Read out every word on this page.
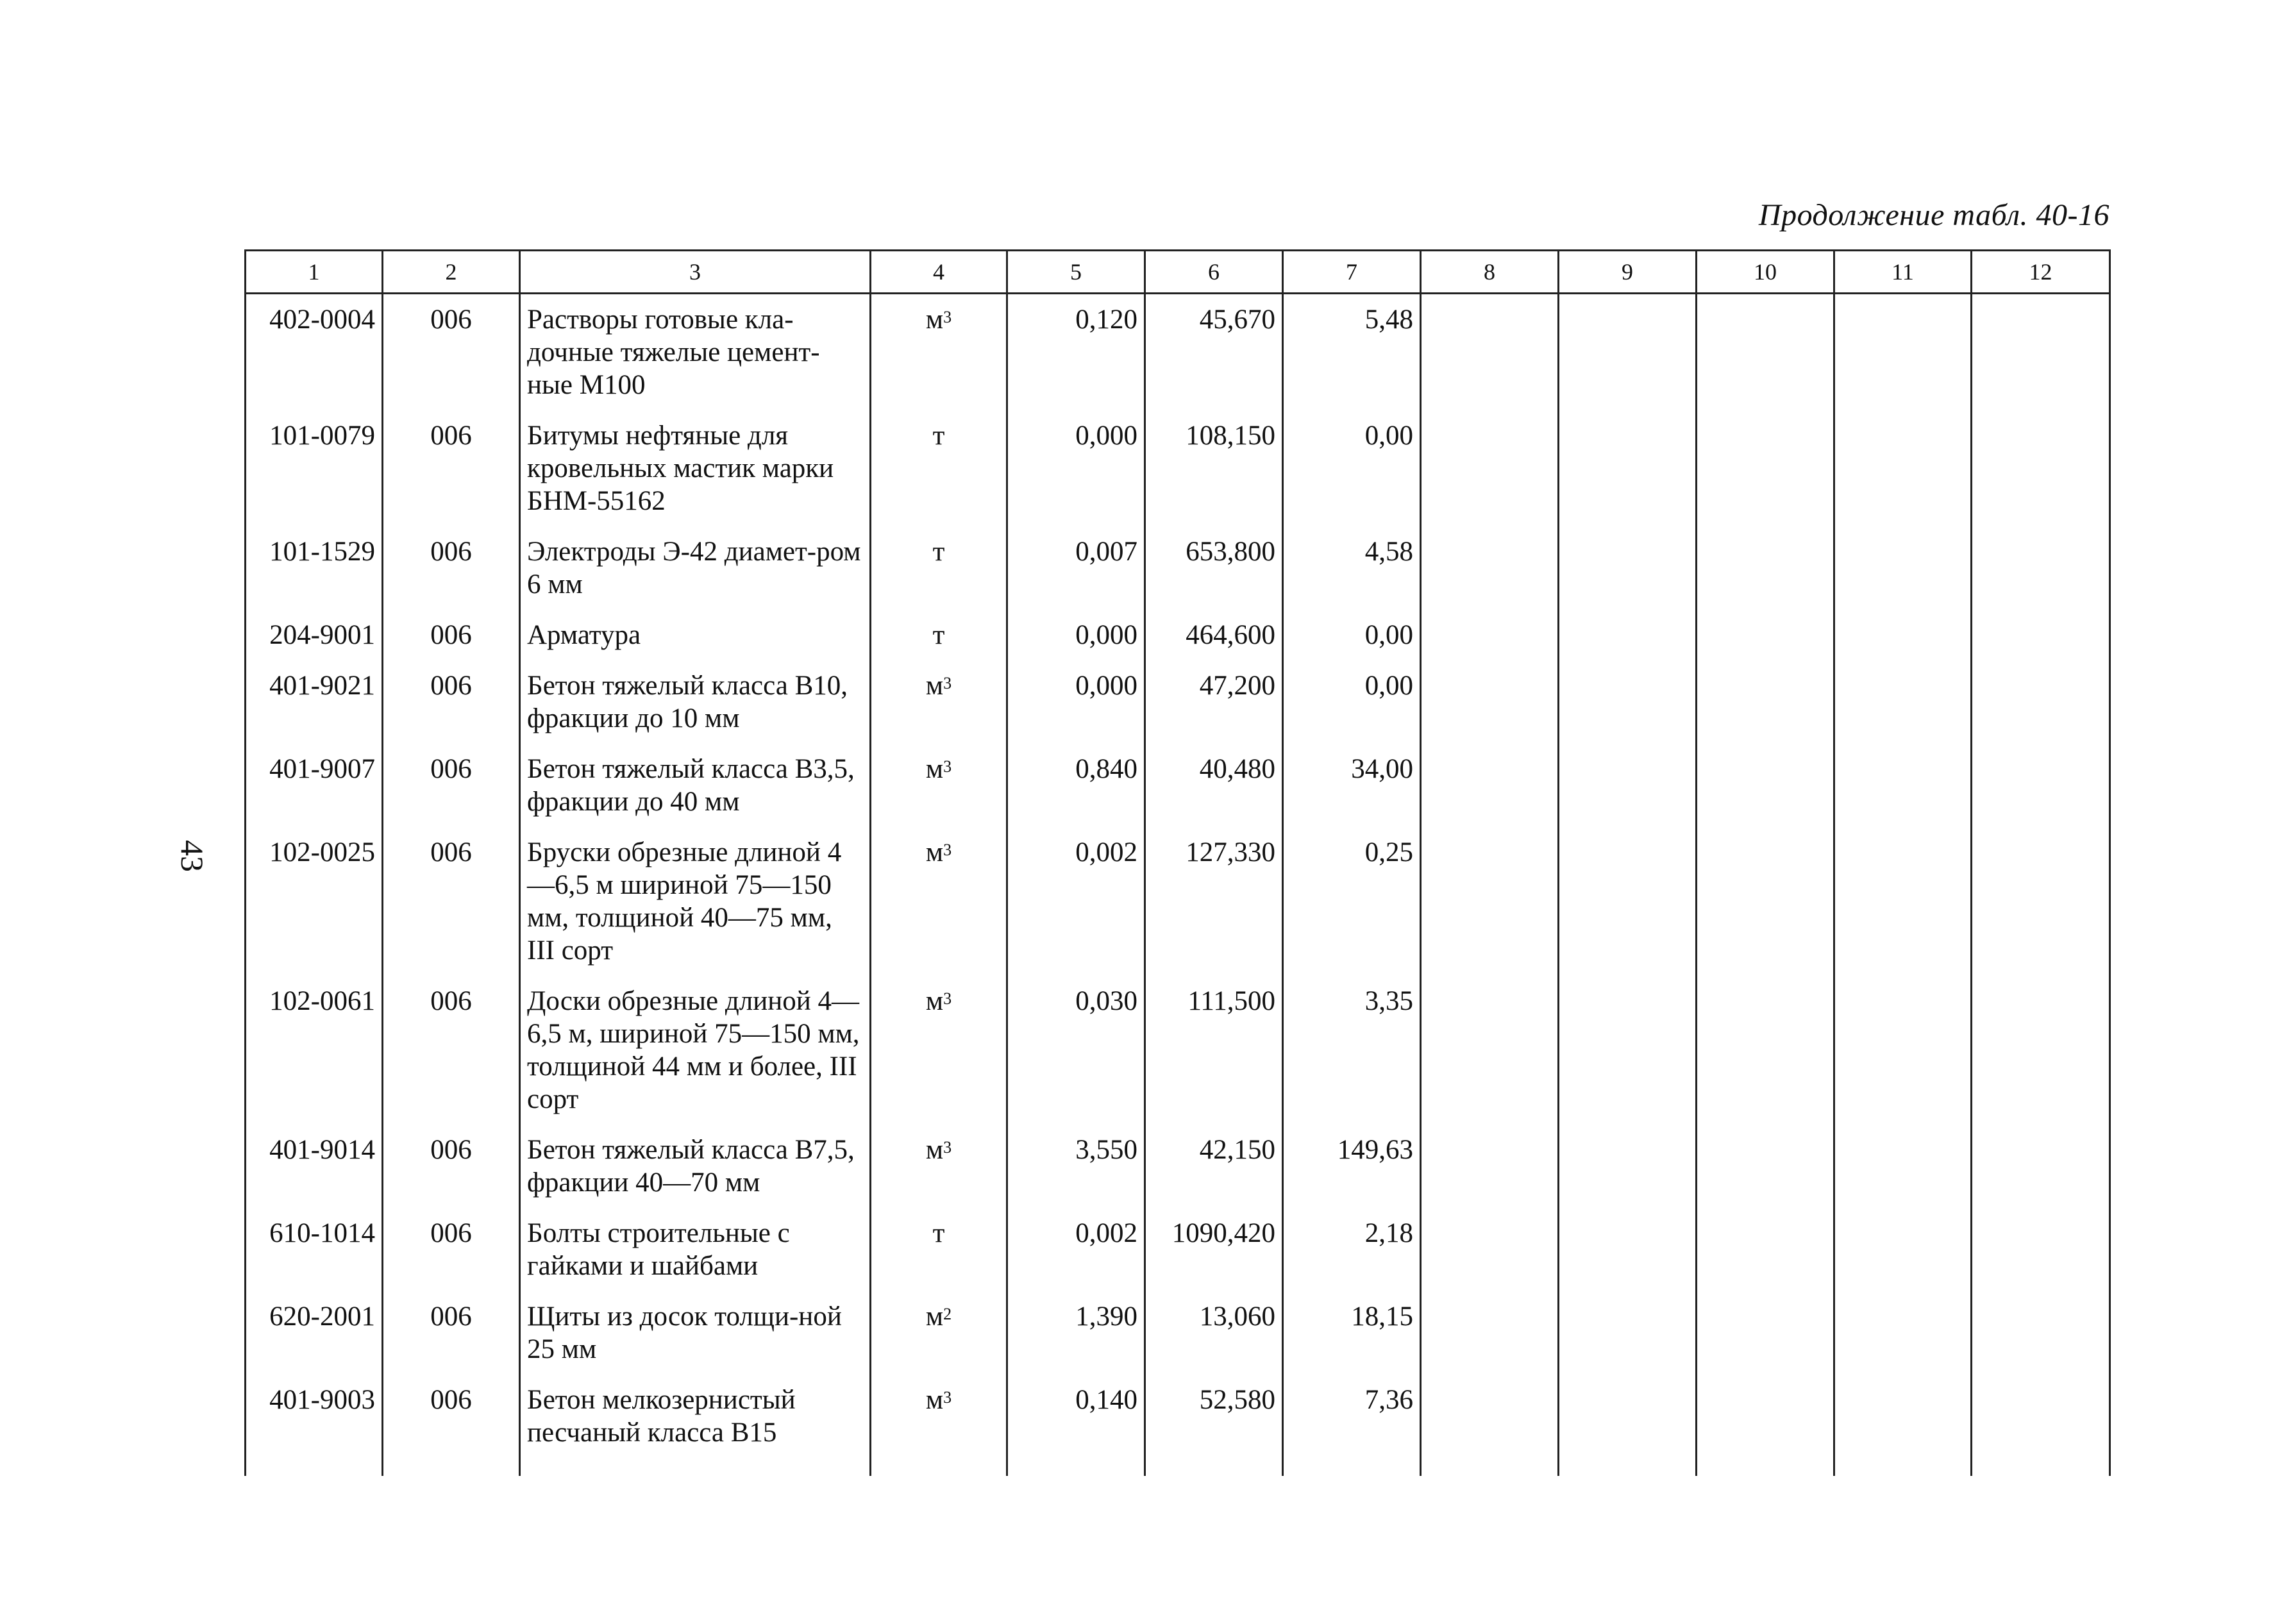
Продолжение табл. 40-16
43
1	2	3	4	5	6	7	8	9	10	11	12
402-0004	006	Растворы готовые кла-дочные тяжелые цемент-ные М100	$м^3$	0,120	45,670	5,48					
101-0079	006	Битумы нефтяные для кровельных мастик марки БНМ-55162	т	0,000	108,150	0,00					
101-1529	006	Электроды Э-42 диамет-ром 6 мм	т	0,007	653,800	4,58					
204-9001	006	Арматура	т	0,000	464,600	0,00					
401-9021	006	Бетон тяжелый класса В10, фракции до 10 мм	$м^3$	0,000	47,200	0,00					
401-9007	006	Бетон тяжелый класса В3,5, фракции до 40 мм	$м^3$	0,840	40,480	34,00					
102-0025	006	Бруски обрезные длиной 4—6,5 м шириной 75—150 мм, толщиной 40—75 мм, III сорт	$м^3$	0,002	127,330	0,25					
102-0061	006	Доски обрезные длиной 4—6,5 м, шириной 75—150 мм, толщиной 44 мм и более, III сорт	$м^3$	0,030	111,500	3,35					
401-9014	006	Бетон тяжелый класса В7,5, фракции 40—70 мм	$м^3$	3,550	42,150	149,63					
610-1014	006	Болты строительные с гайками и шайбами	т	0,002	1090,420	2,18					
620-2001	006	Щиты из досок толщи-ной 25 мм	$м^2$	1,390	13,060	18,15					
401-9003	006	Бетон мелкозернистый песчаный класса В15	$м^3$	0,140	52,580	7,36					
